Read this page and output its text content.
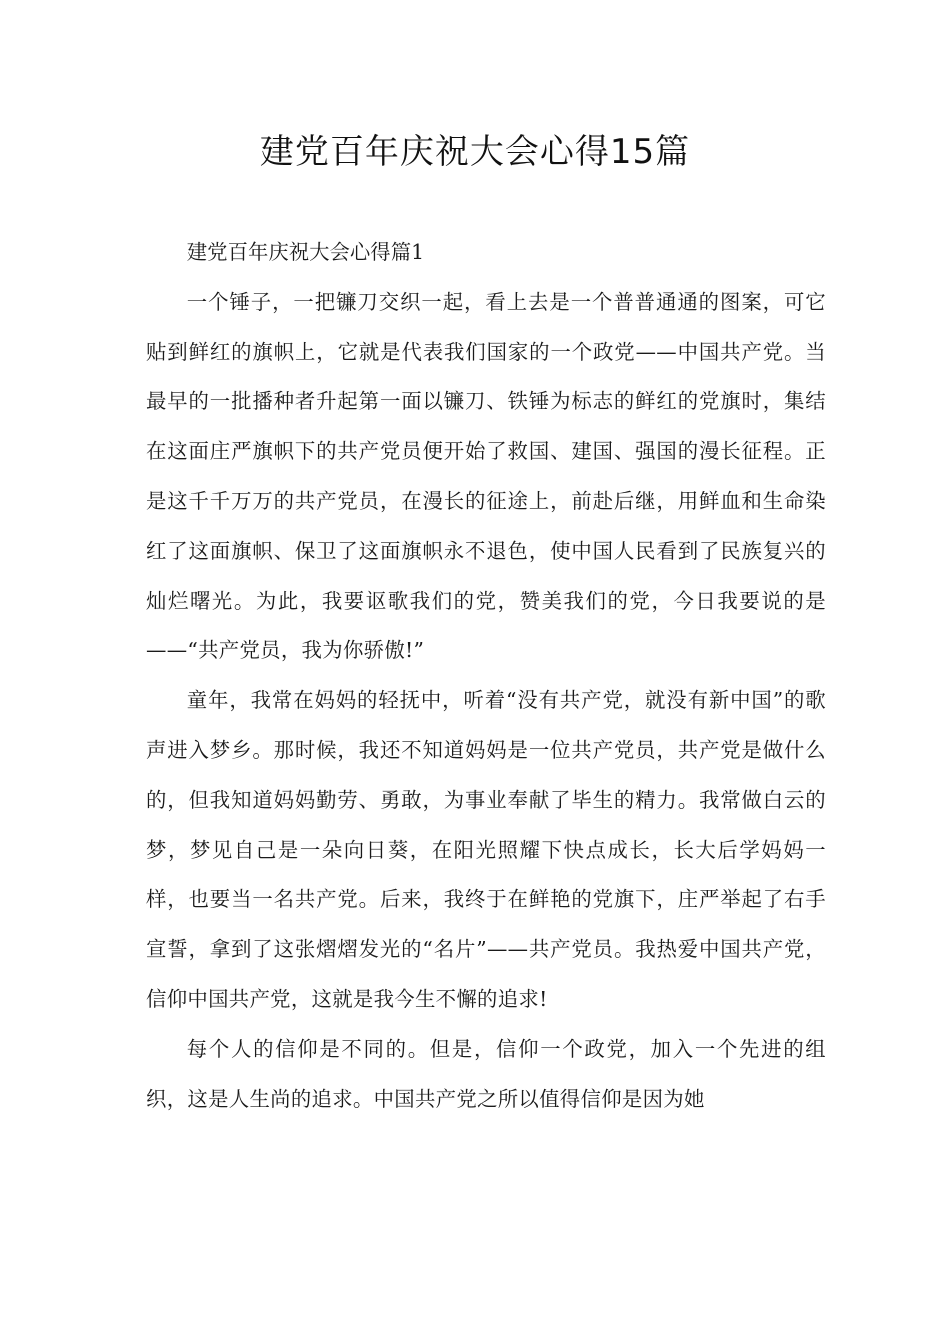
建党百年庆祝大会心得15篇

建党百年庆祝大会心得篇1

一个锤子，一把镰刀交织一起，看上去是一个普普通通的图案，可它贴到鲜红的旗帜上，它就是代表我们国家的一个政党——中国共产党。当最早的一批播种者升起第一面以镰刀、铁锤为标志的鲜红的党旗时，集结在这面庄严旗帜下的共产党员便开始了救国、建国、强国的漫长征程。正是这千千万万的共产党员，在漫长的征途上，前赴后继，用鲜血和生命染红了这面旗帜、保卫了这面旗帜永不退色，使中国人民看到了民族复兴的灿烂曙光。为此，我要讴歌我们的党，赞美我们的党，今日我要说的是——“共产党员，我为你骄傲!”

童年，我常在妈妈的轻抚中，听着“没有共产党，就没有新中国”的歌声进入梦乡。那时候，我还不知道妈妈是一位共产党员，共产党是做什么的，但我知道妈妈勤劳、勇敢，为事业奉献了毕生的精力。我常做白云的梦，梦见自己是一朵向日葵，在阳光照耀下快点成长，长大后学妈妈一样，也要当一名共产党。后来，我终于在鲜艳的党旗下，庄严举起了右手宣誓，拿到了这张熠熠发光的“名片”——共产党员。我热爱中国共产党，信仰中国共产党，这就是我今生不懈的追求!

每个人的信仰是不同的。但是，信仰一个政党，加入一个先进的组织，这是人生尚的追求。中国共产党之所以值得信仰是因为她
